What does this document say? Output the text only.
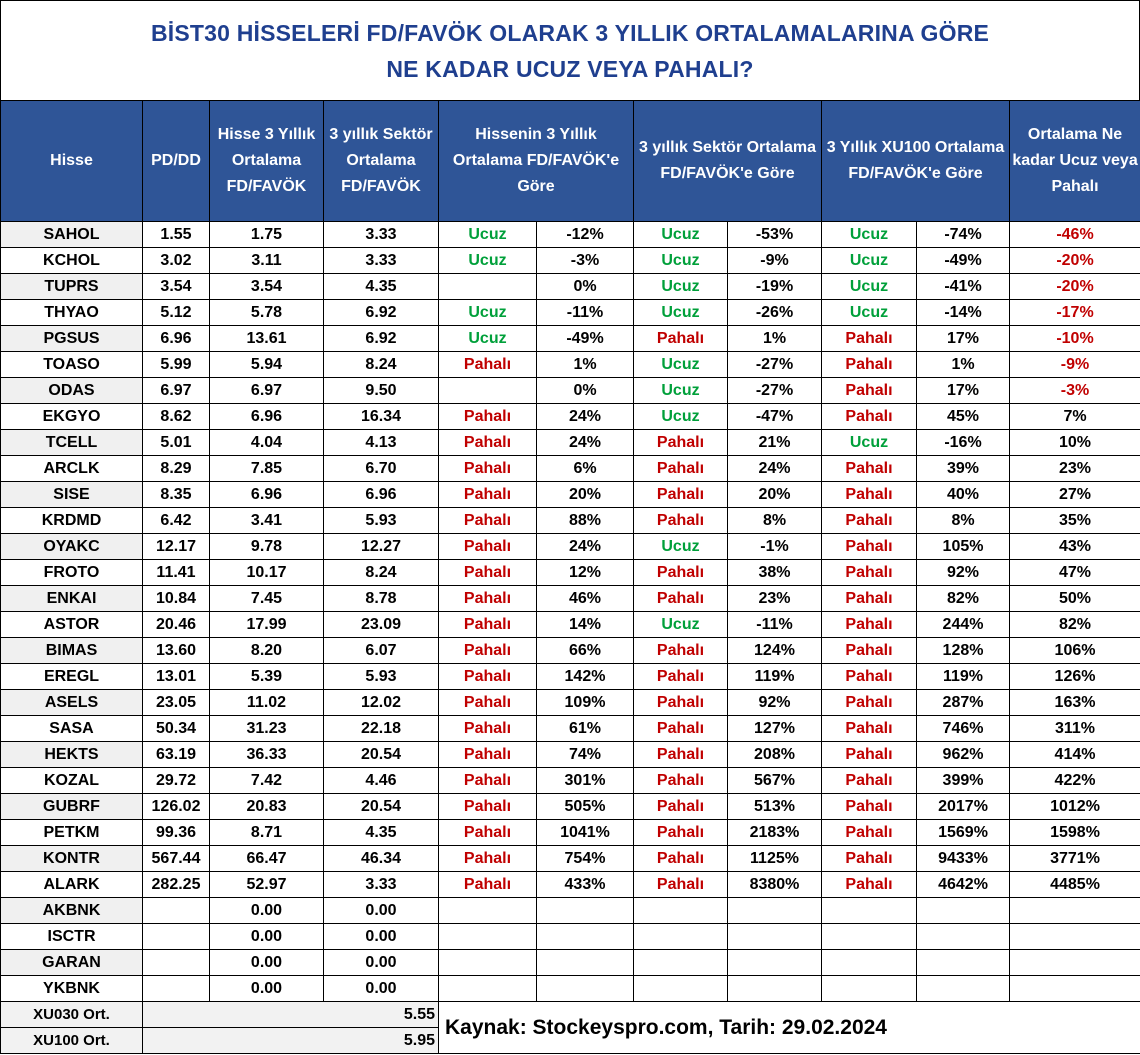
BİST30 HİSSELERİ FD/FAVÖK OLARAK 3 YILLIK ORTALAMALARINA GÖRE
NE KADAR UCUZ VEYA PAHALI?
Hisse	PD/DD	Hisse 3 Yıllık Ortalama FD/FAVÖK	3 yıllık Sektör Ortalama FD/FAVÖK	Hissenin 3 Yıllık Ortalama FD/FAVÖK'e Göre		3 yıllık Sektör Ortalama FD/FAVÖK'e Göre		3 Yıllık XU100 Ortalama FD/FAVÖK'e Göre		Ortalama Ne kadar Ucuz veya Pahalı
SAHOL	1.55	1.75	3.33	Ucuz	-12%	Ucuz	-53%	Ucuz	-74%	-46%
KCHOL	3.02	3.11	3.33	Ucuz	-3%	Ucuz	-9%	Ucuz	-49%	-20%
TUPRS	3.54	3.54	4.35		0%	Ucuz	-19%	Ucuz	-41%	-20%
THYAO	5.12	5.78	6.92	Ucuz	-11%	Ucuz	-26%	Ucuz	-14%	-17%
PGSUS	6.96	13.61	6.92	Ucuz	-49%	Pahalı	1%	Pahalı	17%	-10%
TOASO	5.99	5.94	8.24	Pahalı	1%	Ucuz	-27%	Pahalı	1%	-9%
ODAS	6.97	6.97	9.50		0%	Ucuz	-27%	Pahalı	17%	-3%
EKGYO	8.62	6.96	16.34	Pahalı	24%	Ucuz	-47%	Pahalı	45%	7%
TCELL	5.01	4.04	4.13	Pahalı	24%	Pahalı	21%	Ucuz	-16%	10%
ARCLK	8.29	7.85	6.70	Pahalı	6%	Pahalı	24%	Pahalı	39%	23%
SISE	8.35	6.96	6.96	Pahalı	20%	Pahalı	20%	Pahalı	40%	27%
KRDMD	6.42	3.41	5.93	Pahalı	88%	Pahalı	8%	Pahalı	8%	35%
OYAKC	12.17	9.78	12.27	Pahalı	24%	Ucuz	-1%	Pahalı	105%	43%
FROTO	11.41	10.17	8.24	Pahalı	12%	Pahalı	38%	Pahalı	92%	47%
ENKAI	10.84	7.45	8.78	Pahalı	46%	Pahalı	23%	Pahalı	82%	50%
ASTOR	20.46	17.99	23.09	Pahalı	14%	Ucuz	-11%	Pahalı	244%	82%
BIMAS	13.60	8.20	6.07	Pahalı	66%	Pahalı	124%	Pahalı	128%	106%
EREGL	13.01	5.39	5.93	Pahalı	142%	Pahalı	119%	Pahalı	119%	126%
ASELS	23.05	11.02	12.02	Pahalı	109%	Pahalı	92%	Pahalı	287%	163%
SASA	50.34	31.23	22.18	Pahalı	61%	Pahalı	127%	Pahalı	746%	311%
HEKTS	63.19	36.33	20.54	Pahalı	74%	Pahalı	208%	Pahalı	962%	414%
KOZAL	29.72	7.42	4.46	Pahalı	301%	Pahalı	567%	Pahalı	399%	422%
GUBRF	126.02	20.83	20.54	Pahalı	505%	Pahalı	513%	Pahalı	2017%	1012%
PETKM	99.36	8.71	4.35	Pahalı	1041%	Pahalı	2183%	Pahalı	1569%	1598%
KONTR	567.44	66.47	46.34	Pahalı	754%	Pahalı	1125%	Pahalı	9433%	3771%
ALARK	282.25	52.97	3.33	Pahalı	433%	Pahalı	8380%	Pahalı	4642%	4485%
AKBNK		0.00	0.00							
ISCTR		0.00	0.00							
GARAN		0.00	0.00							
YKBNK		0.00	0.00							
XU030 Ort.	5.55			Kaynak: Stockeyspro.com, Tarih: 29.02.2024						
XU100 Ort.	5.95									
